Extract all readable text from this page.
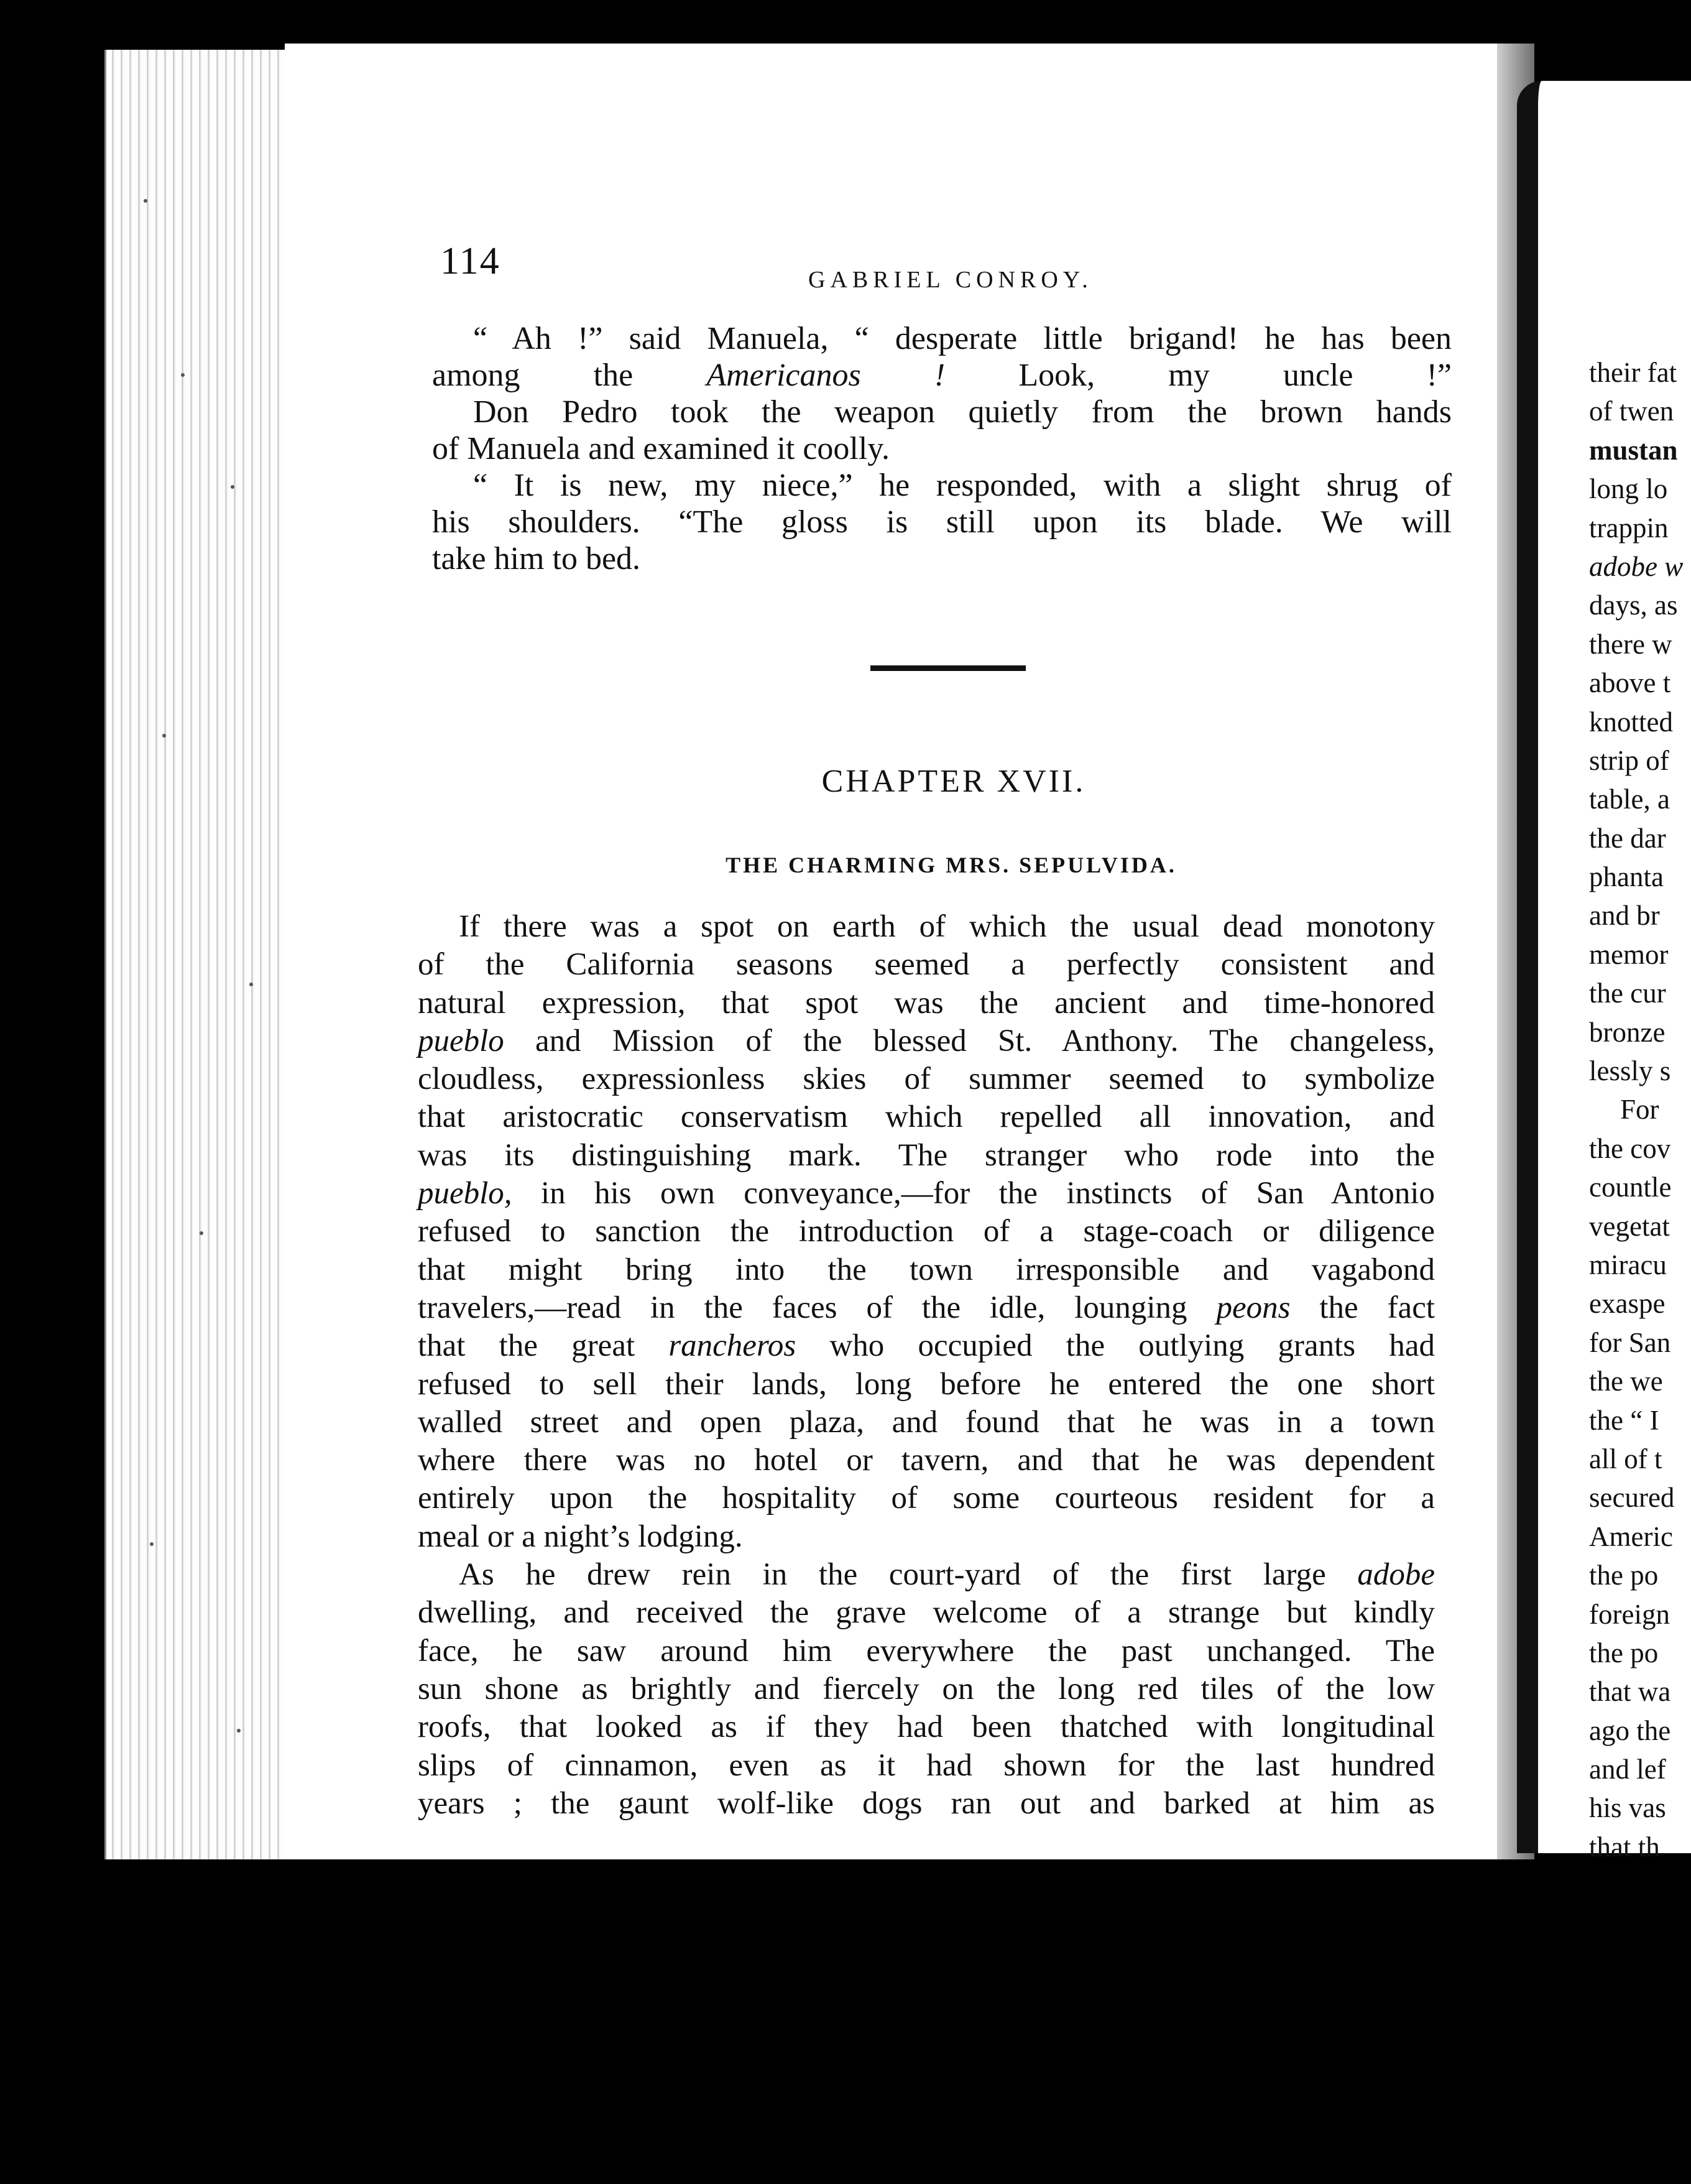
their fat
of twen
mustan
long lo
trappin
adobe w
days, as
there w
above t
knotted
strip of
table, a
the dar
phanta
and br
memor
the cur
bronze
lessly s
For
the cov
countle
vegetat
miracu
exaspe
for San
the we
the “ I
all of t
secured
Americ
the po
foreign
the po
that wa
ago the
and lef
his vas
that th
114	GABRIEL CONROY.

“ Ah !” said Manuela, “ desperate little brigand! he has been

among the Americanos ! Look, my uncle !”

Don Pedro took the weapon quietly from the brown hands

of Manuela and examined it coolly.

“ It is new, my niece,” he responded, with a slight shrug of

his shoulders. “The gloss is still upon its blade. We will

take him to bed.

CHAPTER XVII.
THE CHARMING MRS. SEPULVIDA.

If there was a spot on earth of which the usual dead monotony

of the California seasons seemed a perfectly consistent and

natural expression, that spot was the ancient and time-honored

pueblo and Mission of the blessed St. Anthony. The changeless,

cloudless, expressionless skies of summer seemed to symbolize

that aristocratic conservatism which repelled all innovation, and

was its distinguishing mark. The stranger who rode into the

pueblo, in his own conveyance,—for the instincts of San Antonio

refused to sanction the introduction of a stage-coach or diligence

that might bring into the town irresponsible and vagabond

travelers,—read in the faces of the idle, lounging peons the fact

that the great rancheros who occupied the outlying grants had

refused to sell their lands, long before he entered the one short

walled street and open plaza, and found that he was in a town

where there was no hotel or tavern, and that he was dependent

entirely upon the hospitality of some courteous resident for a

meal or a night’s lodging.

As he drew rein in the court-yard of the first large adobe

dwelling, and received the grave welcome of a strange but kindly

face, he saw around him everywhere the past unchanged. The

sun shone as brightly and fiercely on the long red tiles of the low

roofs, that looked as if they had been thatched with longitudinal

slips of cinnamon, even as it had shown for the last hundred

years ; the gaunt wolf-like dogs ran out and barked at him as
